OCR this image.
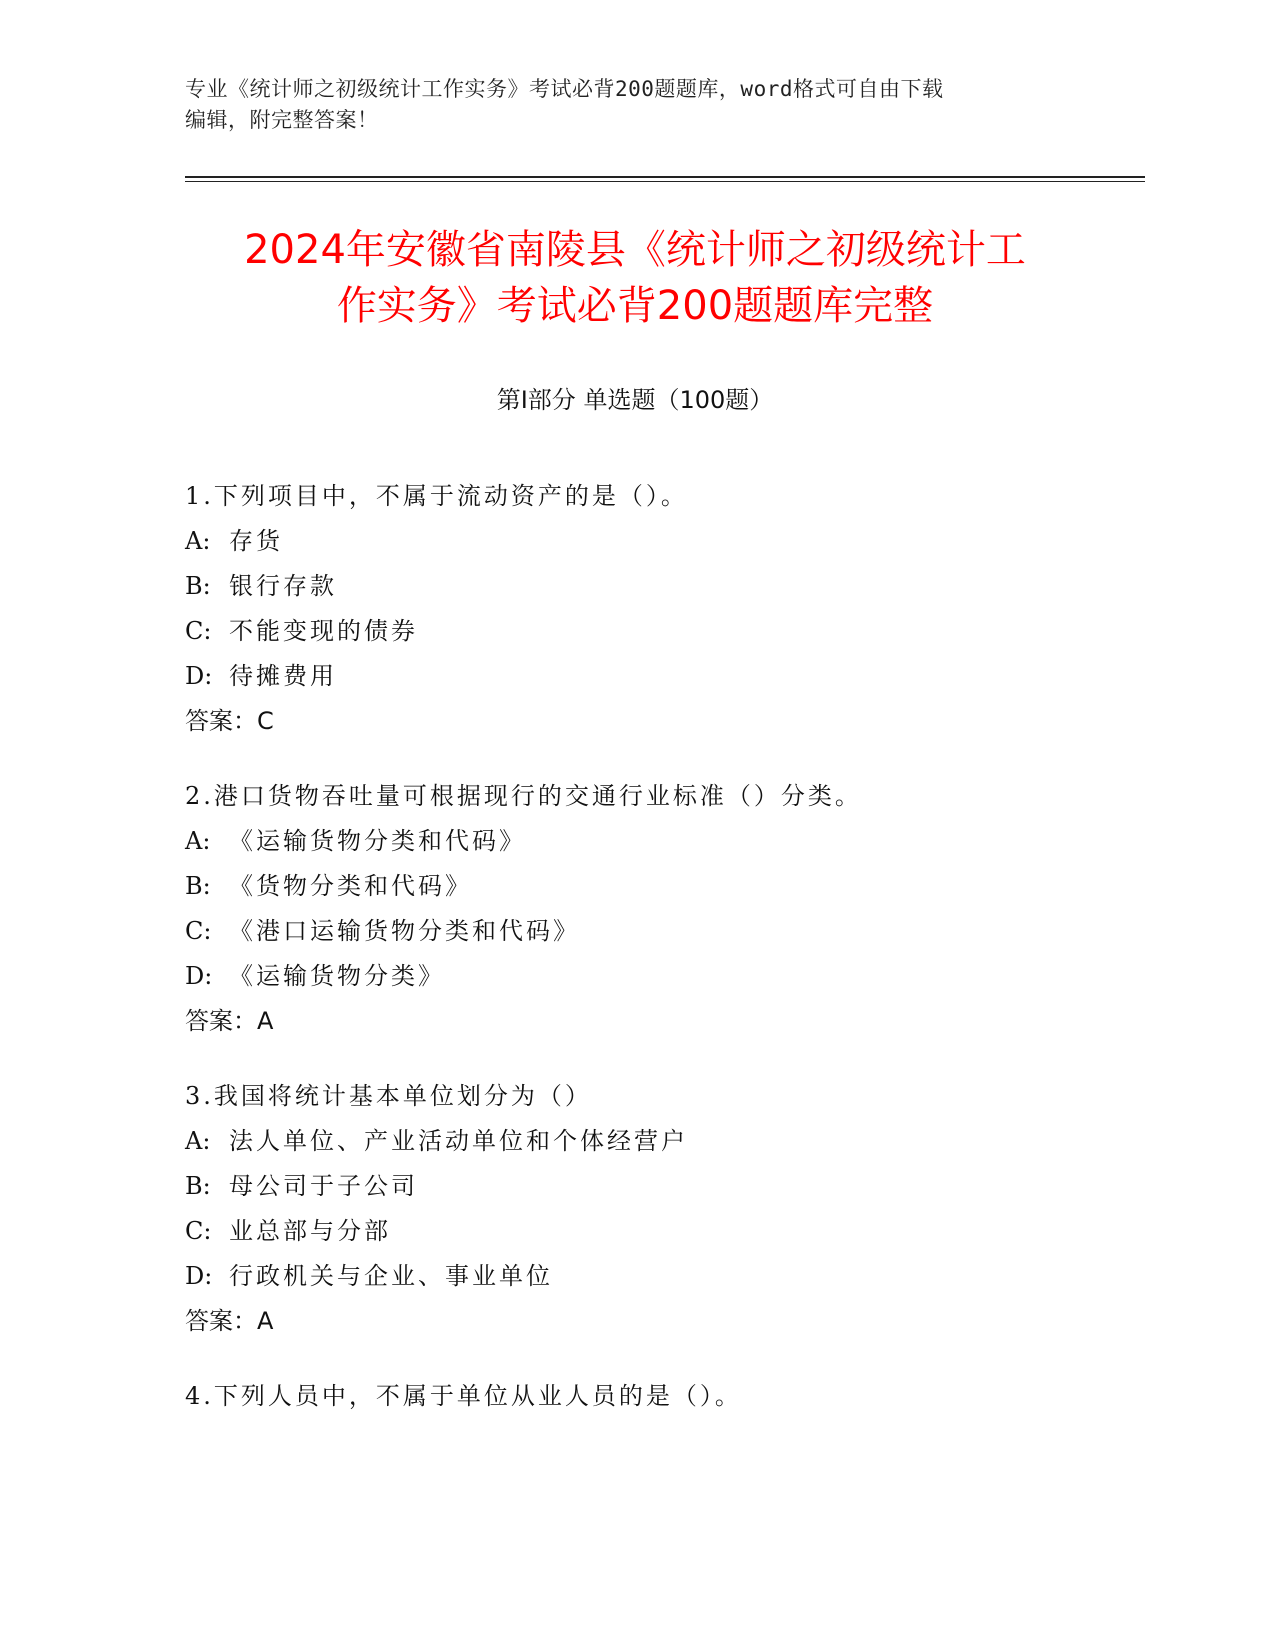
专业《统计师之初级统计工作实务》考试必背200题题库，word格式可自由下载
编辑，附完整答案！
2024年安徽省南陵县《统计师之初级统计工
作实务》考试必背200题题库完整
第Ⅰ部分 单选题（100题）
1.下列项目中，不属于流动资产的是（）。
A: 存货
B: 银行存款
C: 不能变现的债券
D: 待摊费用
答案：C
2.港口货物吞吐量可根据现行的交通行业标准（）分类。
A: 《运输货物分类和代码》
B: 《货物分类和代码》
C: 《港口运输货物分类和代码》
D: 《运输货物分类》
答案：A
3.我国将统计基本单位划分为（）
A: 法人单位、产业活动单位和个体经营户
B: 母公司于子公司
C: 业总部与分部
D: 行政机关与企业、事业单位
答案：A
4.下列人员中，不属于单位从业人员的是（）。
